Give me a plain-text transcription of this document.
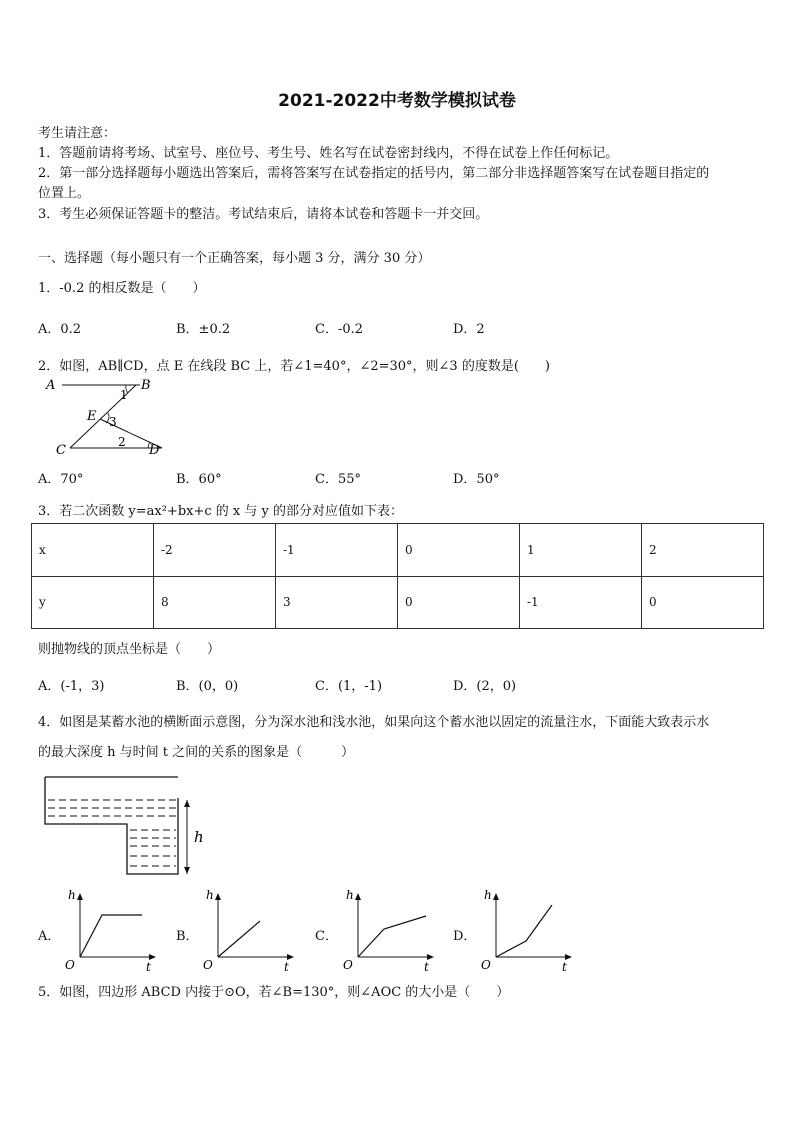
2021-2022中考数学模拟试卷
考生请注意：
1．答题前请将考场、试室号、座位号、考生号、姓名写在试卷密封线内，不得在试卷上作任何标记。
2．第一部分选择题每小题选出答案后，需将答案写在试卷指定的括号内，第二部分非选择题答案写在试卷题目指定的
位置上。
3．考生必须保证答题卡的整洁。考试结束后，请将本试卷和答题卡一并交回。
一、选择题（每小题只有一个正确答案，每小题 3 分，满分 30 分）
1．-0.2 的相反数是（　　）
A．0.2	B．±0.2	C．-0.2	D．2
2．如图，AB∥CD，点 E 在线段 BC 上，若∠1=40°，∠2=30°，则∠3 的度数是(　　)
A	B
C	D
E
1
3
2
A．70°	B．60°	C．55°	D．50°
3．若二次函数 y=ax²+bx+c 的 x 与 y 的部分对应值如下表：
x	-2	-1	0	1	2
y	8	3	0	-1	0
则抛物线的顶点坐标是（　　）
A．(-1，3)	B．(0，0)	C．(1，-1)	D．(2，0)
4．如图是某蓄水池的横断面示意图，分为深水池和浅水池，如果向这个蓄水池以固定的流量注水，下面能大致表示水
的最大深度 h 与时间 t 之间的关系的图象是（　　　）
h
A．	B．	C．	D．
h
O	t
h
O	t
h
O	t
h
O	t
5．如图，四边形 ABCD 内接于⊙O，若∠B=130°，则∠AOC 的大小是（　　）
